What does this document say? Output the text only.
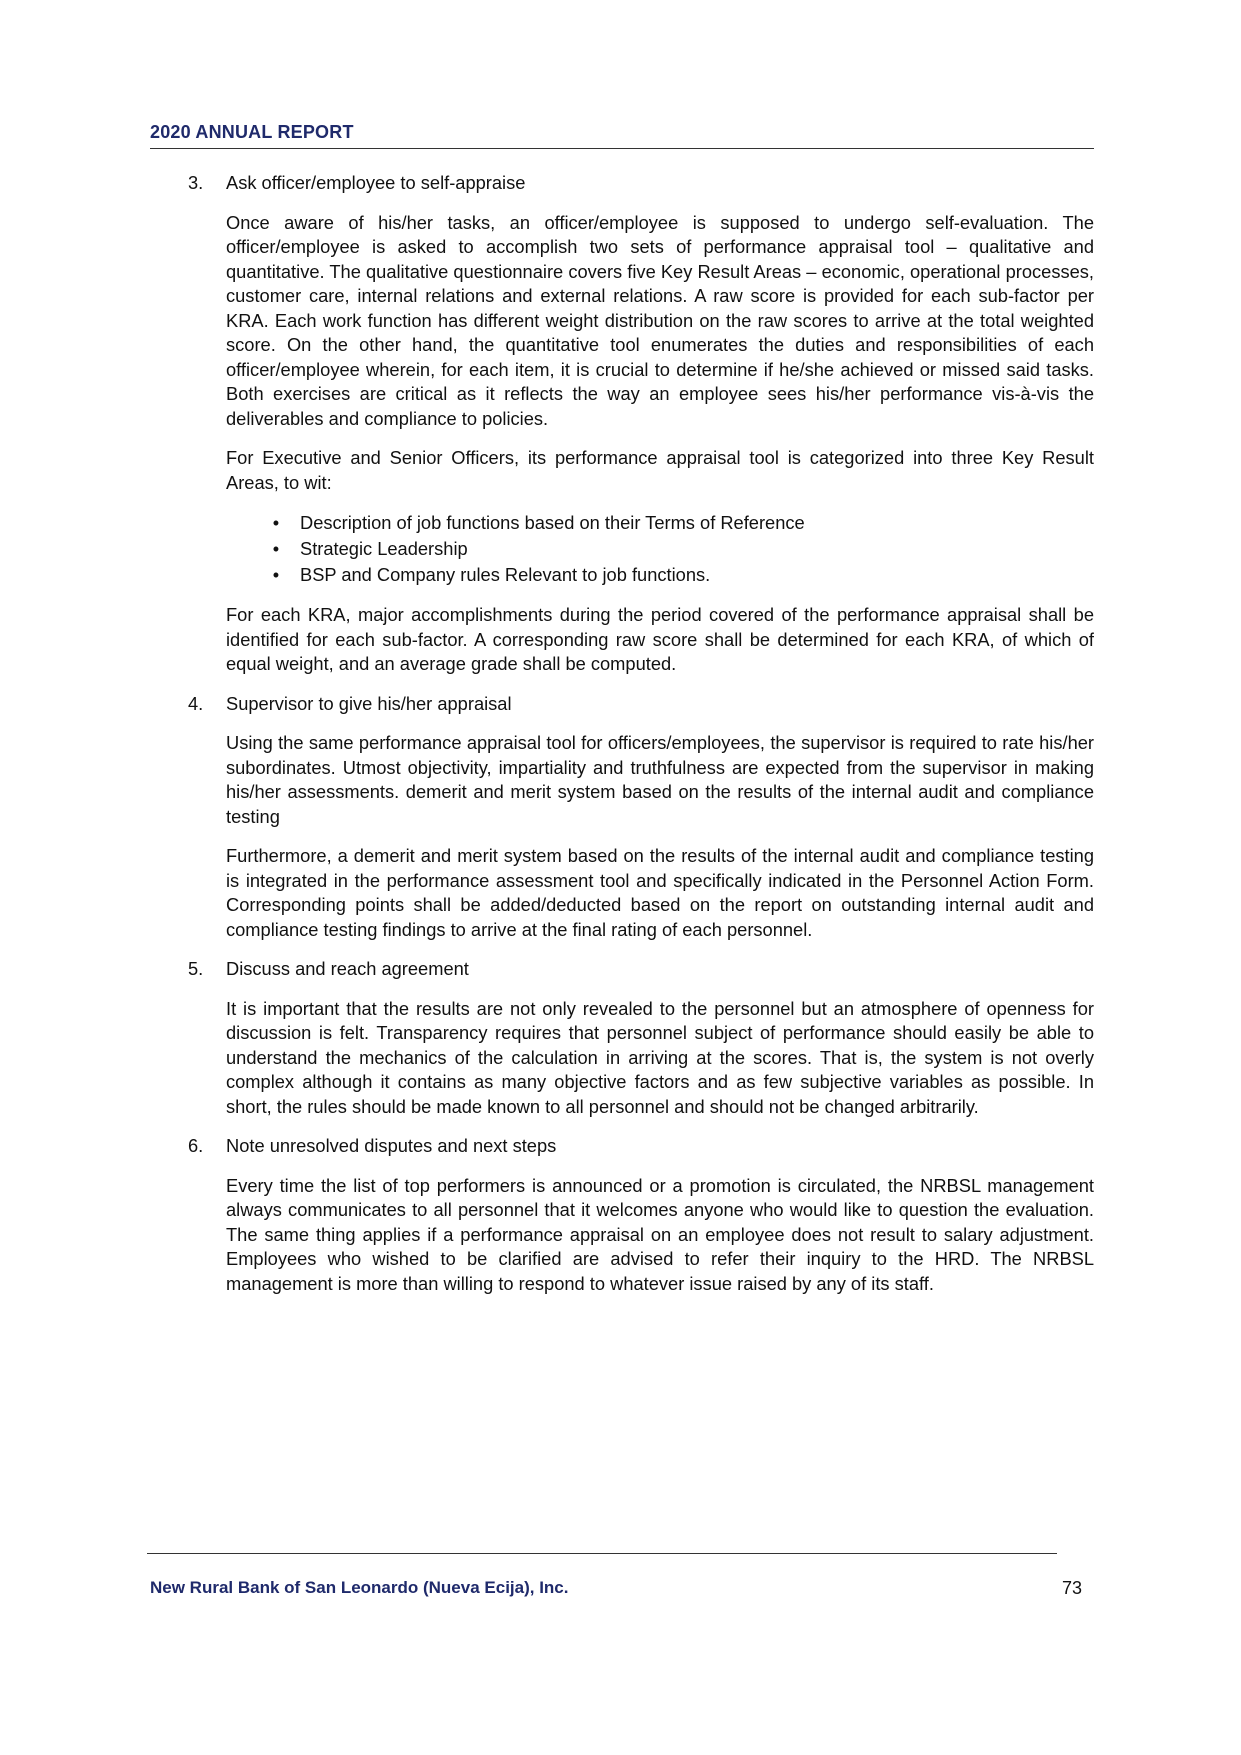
2020 ANNUAL REPORT
3. Ask officer/employee to self-appraise

Once aware of his/her tasks, an officer/employee is supposed to undergo self-evaluation. The officer/employee is asked to accomplish two sets of performance appraisal tool – qualitative and quantitative. The qualitative questionnaire covers five Key Result Areas – economic, operational processes, customer care, internal relations and external relations. A raw score is provided for each sub-factor per KRA. Each work function has different weight distribution on the raw scores to arrive at the total weighted score. On the other hand, the quantitative tool enumerates the duties and responsibilities of each officer/employee wherein, for each item, it is crucial to determine if he/she achieved or missed said tasks. Both exercises are critical as it reflects the way an employee sees his/her performance vis-à-vis the deliverables and compliance to policies.

For Executive and Senior Officers, its performance appraisal tool is categorized into three Key Result Areas, to wit:

•	Description of job functions based on their Terms of Reference
•	Strategic Leadership
•	BSP and Company rules Relevant to job functions.

For each KRA, major accomplishments during the period covered of the performance appraisal shall be identified for each sub-factor. A corresponding raw score shall be determined for each KRA, of which of equal weight, and an average grade shall be computed.

4. Supervisor to give his/her appraisal

Using the same performance appraisal tool for officers/employees, the supervisor is required to rate his/her subordinates. Utmost objectivity, impartiality and truthfulness are expected from the supervisor in making his/her assessments. demerit and merit system based on the results of the internal audit and compliance testing

Furthermore, a demerit and merit system based on the results of the internal audit and compliance testing is integrated in the performance assessment tool and specifically indicated in the Personnel Action Form. Corresponding points shall be added/deducted based on the report on outstanding internal audit and compliance testing findings to arrive at the final rating of each personnel.

5. Discuss and reach agreement

It is important that the results are not only revealed to the personnel but an atmosphere of openness for discussion is felt. Transparency requires that personnel subject of performance should easily be able to understand the mechanics of the calculation in arriving at the scores. That is, the system is not overly complex although it contains as many objective factors and as few subjective variables as possible. In short, the rules should be made known to all personnel and should not be changed arbitrarily.

6. Note unresolved disputes and next steps

Every time the list of top performers is announced or a promotion is circulated, the NRBSL management always communicates to all personnel that it welcomes anyone who would like to question the evaluation. The same thing applies if a performance appraisal on an employee does not result to salary adjustment. Employees who wished to be clarified are advised to refer their inquiry to the HRD. The NRBSL management is more than willing to respond to whatever issue raised by any of its staff.

New Rural Bank of San Leonardo (Nueva Ecija), Inc.	73
